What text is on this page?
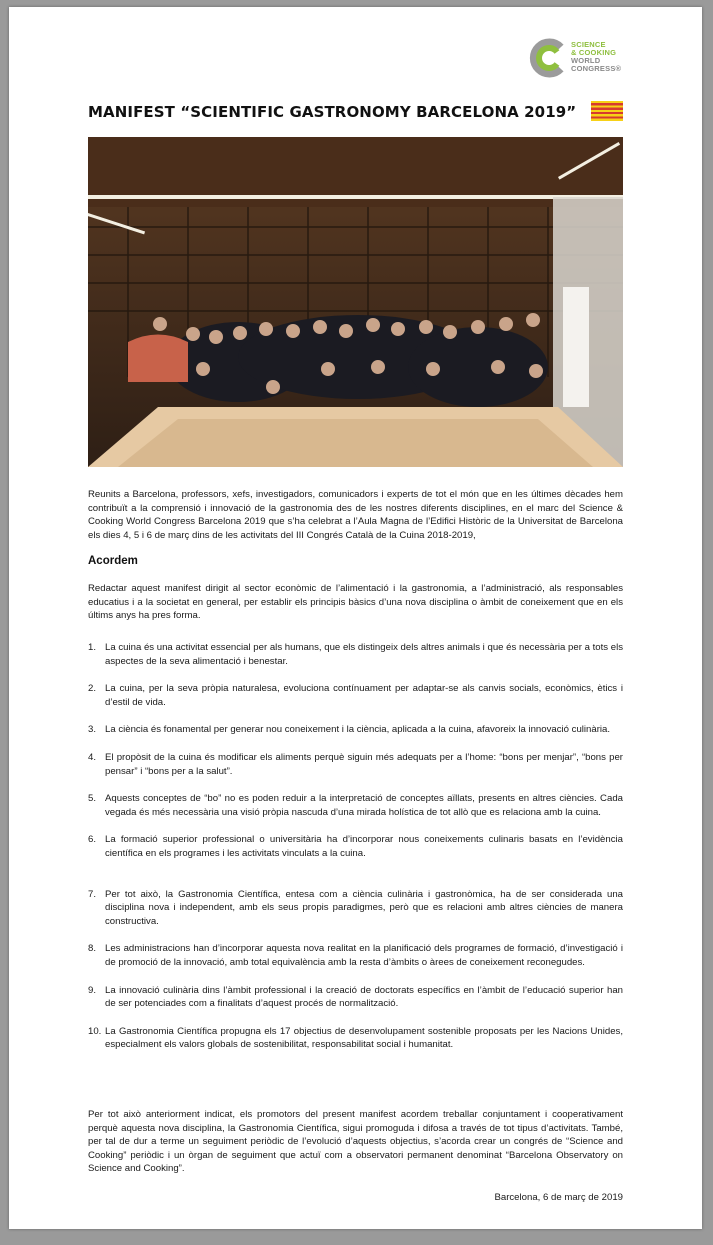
SCIENCE
& COOKING
WORLD
CONGRESS®
MANIFEST “SCIENTIFIC GASTRONOMY BARCELONA 2019”
Reunits a Barcelona, professors, xefs, investigadors, comunicadors i experts de tot el món que en les últimes dècades hem contribuït a la comprensió i innovació de la gastronomia des de les nostres diferents disciplines, en el marc del Science & Cooking World Congress Barcelona 2019 que s’ha celebrat a l’Aula Magna de l’Edifici Històric de la Universitat de Barcelona els dies 4, 5 i 6 de març dins de les activitats del III Congrés Català de la Cuina 2018-2019,
Acordem
Redactar aquest manifest dirigit al sector econòmic de l’alimentació i la gastronomia, a l’administració, als responsables educatius i a la societat en general, per establir els principis bàsics d’una nova disciplina o àmbit de coneixement que en els últims anys ha pres forma.
1. La cuina és una activitat essencial per als humans, que els distingeix dels altres animals i que és necessària per a tots els aspectes de la seva alimentació i benestar.
2. La cuina, per la seva pròpia naturalesa, evoluciona contínuament per adaptar-se als canvis socials, econòmics, ètics i d’estil de vida.
3. La ciència és fonamental per generar nou coneixement i la ciència, aplicada a la cuina, afavoreix la innovació culinària.
4. El propòsit de la cuina és modificar els aliments perquè siguin més adequats per a l’home: “bons per menjar”, “bons per pensar” i “bons per a la salut”.
5. Aquests conceptes de “bo” no es poden reduir a la interpretació de conceptes aïllats, presents en altres ciències. Cada vegada és més necessària una visió pròpia nascuda d’una mirada holística de tot allò que es relaciona amb la cuina.
6. La formació superior professional o universitària ha d’incorporar nous coneixements culinaris basats en l’evidència científica en els programes i les activitats vinculats a la cuina.
7. Per tot això, la Gastronomia Científica, entesa com a ciència culinària i gastronòmica, ha de ser considerada una disciplina nova i independent, amb els seus propis paradigmes, però que es relacioni amb altres ciències de manera constructiva.
8. Les administracions han d’incorporar aquesta nova realitat en la planificació dels programes de formació, d’investigació i de promoció de la innovació, amb total equivalència amb la resta d’àmbits o àrees de coneixement reconegudes.
9. La innovació culinària dins l’àmbit professional i la creació de doctorats específics en l’àmbit de l’educació superior han de ser potenciades com a finalitats d’aquest procés de normalització.
10. La Gastronomia Científica propugna els 17 objectius de desenvolupament sostenible proposats per les Nacions Unides, especialment els valors globals de sostenibilitat, responsabilitat social i humanitat.
Per tot això anteriorment indicat, els promotors del present manifest acordem treballar conjuntament i cooperativament perquè aquesta nova disciplina, la Gastronomia Científica, sigui promoguda i difosa a través de tot tipus d’activitats. També, per tal de dur a terme un seguiment periòdic de l’evolució d’aquests objectius, s’acorda crear un congrés de “Science and Cooking” periòdic i un òrgan de seguiment que actuï com a observatori permanent denominat “Barcelona Observatory on Science and Cooking”.
Barcelona, 6 de març de 2019
